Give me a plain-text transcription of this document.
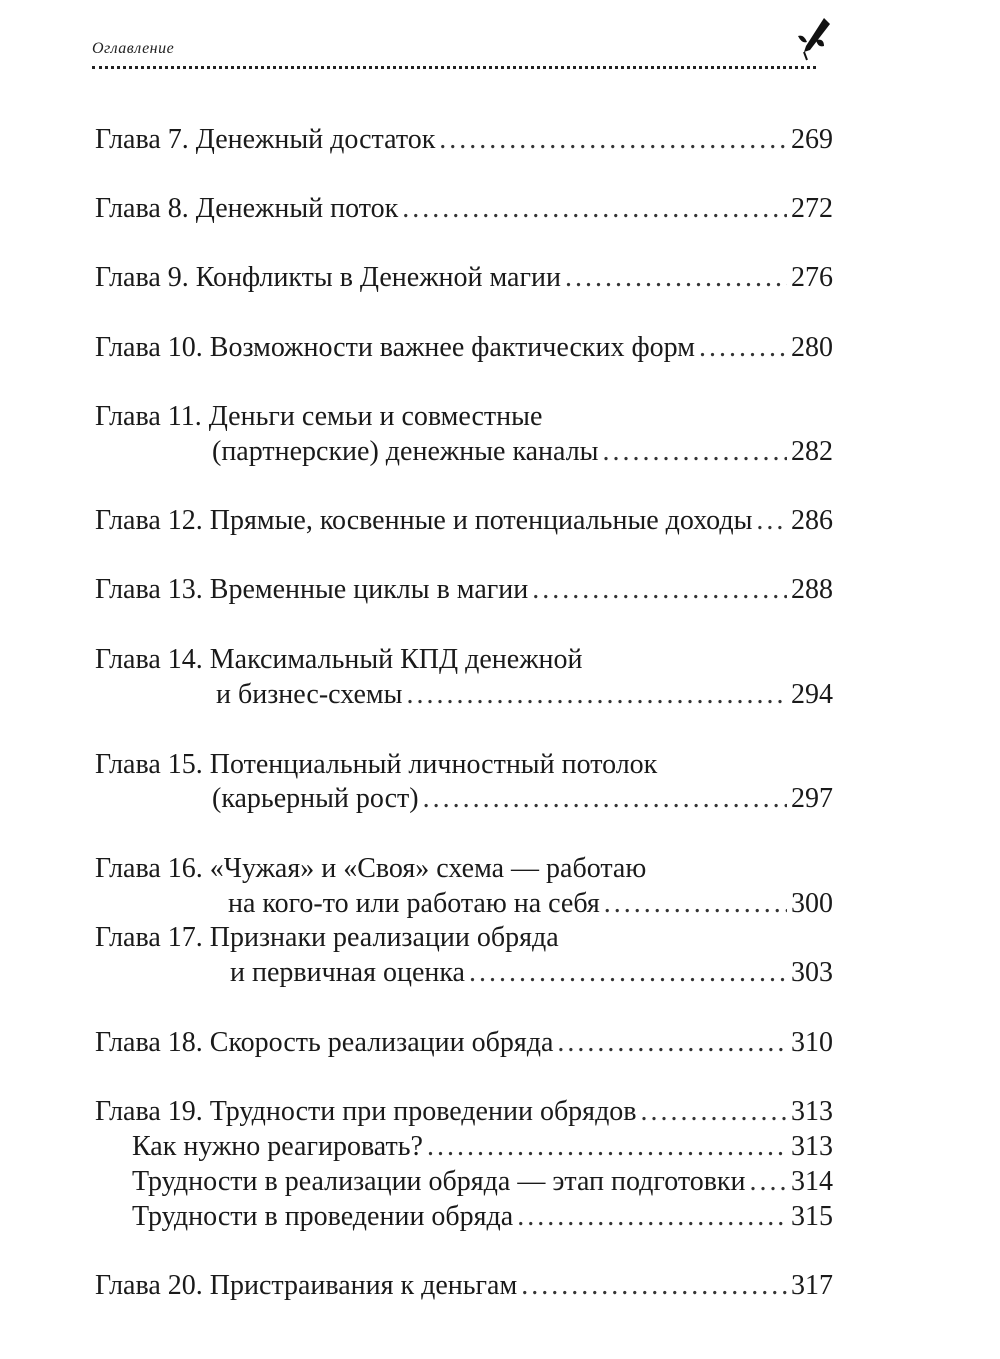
Оглавление
Глава 7. Денежный достаток .....	269
Глава 8. Денежный поток .....	272
Глава 9. Конфликты в Денежной магии .....	276
Глава 10. Возможности важнее фактических форм .....	280
Глава 11. Деньги семьи и совместные
(партнерские) денежные каналы .....	282
Глава 12. Прямые, косвенные и потенциальные доходы ..... 286
Глава 13. Временные циклы в магии .....	288
Глава 14. Максимальный КПД денежной
и бизнес-схемы .....	294
Глава 15. Потенциальный личностный потолок
(карьерный рост) .....	297
Глава 16. «Чужая» и «Своя» схема — работаю
на кого-то или работаю на себя .....	300
Глава 17. Признаки реализации обряда
и первичная оценка .....	303
Глава 18. Скорость реализации обряда .....	310
Глава 19. Трудности при проведении обрядов .....	313
Как нужно реагировать? .....	313
Трудности в реализации обряда — этап подготовки ..... 314
Трудности в проведении обряда .....	315
Глава 20. Пристраивания к деньгам .....	317
